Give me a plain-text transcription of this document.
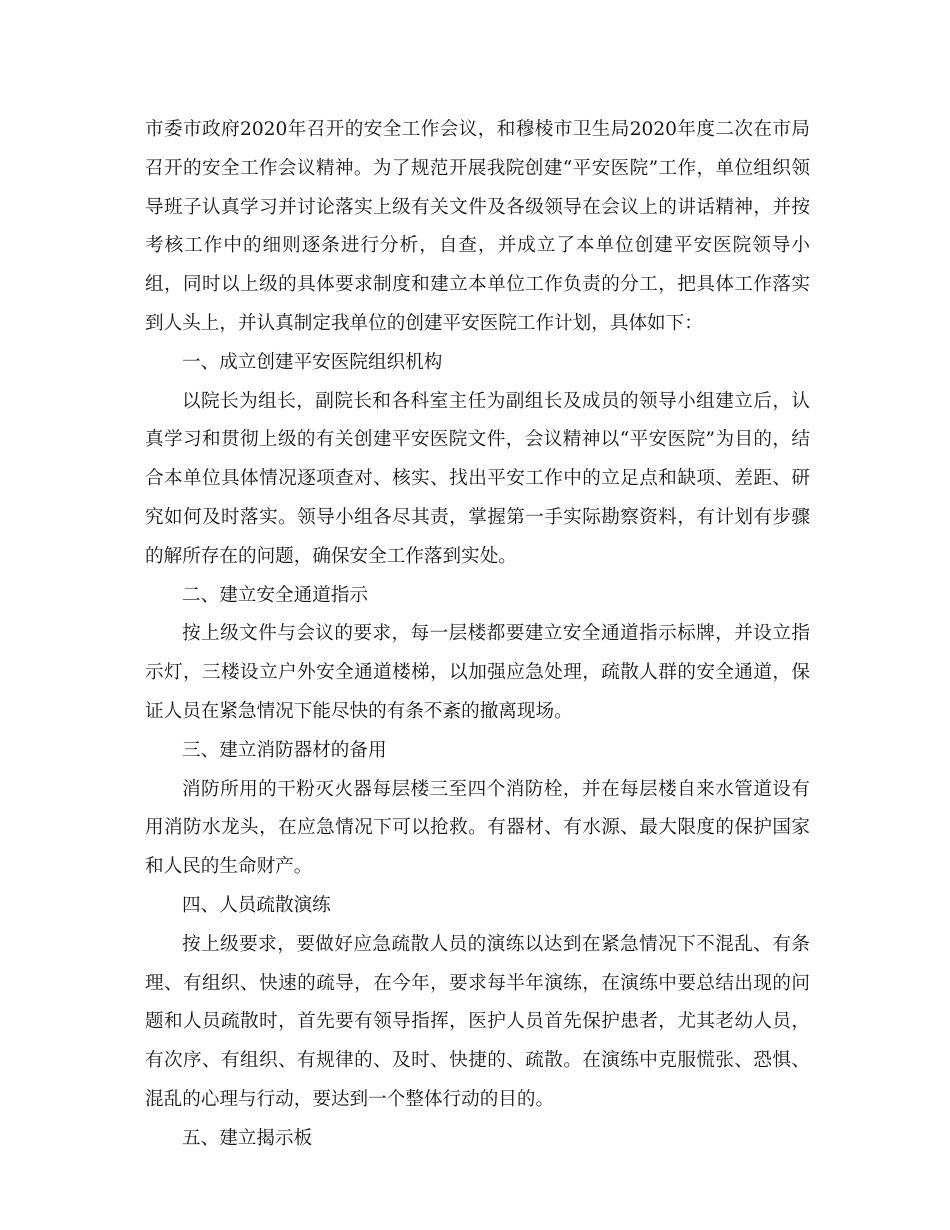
市委市政府2020年召开的安全工作会议，和穆棱市卫生局2020年度二次在市局召开的安全工作会议精神。为了规范开展我院创建“平安医院”工作，单位组织领导班子认真学习并讨论落实上级有关文件及各级领导在会议上的讲话精神，并按考核工作中的细则逐条进行分析，自查，并成立了本单位创建平安医院领导小组，同时以上级的具体要求制度和建立本单位工作负责的分工，把具体工作落实到人头上，并认真制定我单位的创建平安医院工作计划，具体如下：

一、成立创建平安医院组织机构

以院长为组长，副院长和各科室主任为副组长及成员的领导小组建立后，认真学习和贯彻上级的有关创建平安医院文件，会议精神以“平安医院”为目的，结合本单位具体情况逐项查对、核实、找出平安工作中的立足点和缺项、差距、研究如何及时落实。领导小组各尽其责，掌握第一手实际勘察资料，有计划有步骤的解所存在的问题，确保安全工作落到实处。

二、建立安全通道指示

按上级文件与会议的要求，每一层楼都要建立安全通道指示标牌，并设立指示灯，三楼设立户外安全通道楼梯，以加强应急处理，疏散人群的安全通道，保证人员在紧急情况下能尽快的有条不紊的撤离现场。

三、建立消防器材的备用

消防所用的干粉灭火器每层楼三至四个消防栓，并在每层楼自来水管道设有用消防水龙头，在应急情况下可以抢救。有器材、有水源、最大限度的保护国家和人民的生命财产。

四、人员疏散演练

按上级要求，要做好应急疏散人员的演练以达到在紧急情况下不混乱、有条理、有组织、快速的疏导，在今年，要求每半年演练，在演练中要总结出现的问题和人员疏散时，首先要有领导指挥，医护人员首先保护患者，尤其老幼人员，有次序、有组织、有规律的、及时、快捷的、疏散。在演练中克服慌张、恐惧、混乱的心理与行动，要达到一个整体行动的目的。

五、建立揭示板
